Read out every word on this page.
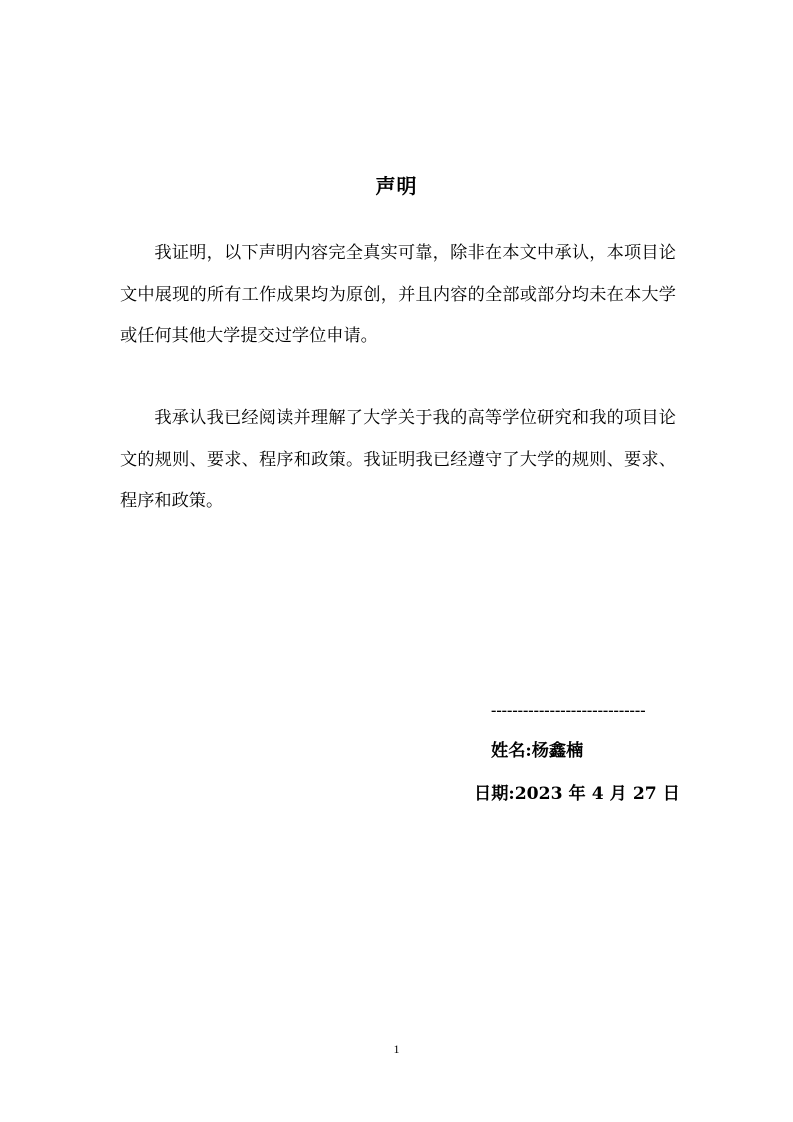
声明

我证明，以下声明内容完全真实可靠，除非在本文中承认，本项目论文中展现的所有工作成果均为原创，并且内容的全部或部分均未在本大学或任何其他大学提交过学位申请。

我承认我已经阅读并理解了大学关于我的高等学位研究和我的项目论文的规则、要求、程序和政策。我证明我已经遵守了大学的规则、要求、程序和政策。

-----------------------------
姓名:杨鑫楠
日期:2023 年 4 月 27 日
1
